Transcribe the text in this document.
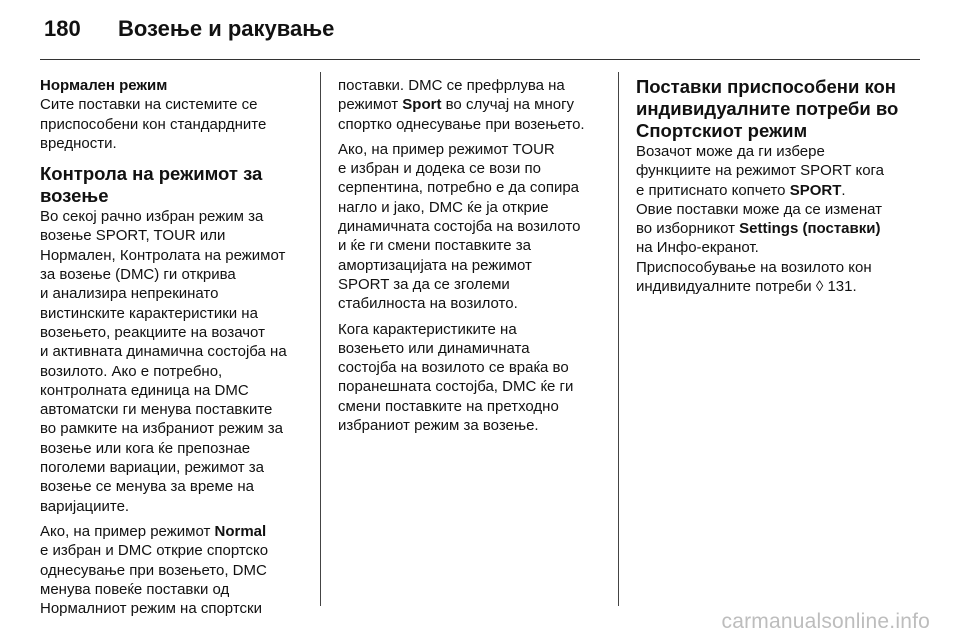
180 Возење и ракување
Нормален режим
Сите поставки на системите се
приспособени кон стандардните
вредности.
Контрола на режимот за
возење
Во секој рачно избран режим за
возење SPORT, TOUR или
Нормален, Контролата на режимот
за возење (DMC) ги открива
и анализира непрекинато
вистинските карактеристики на
возењето, реакциите на возачот
и активната динамична состојба на
возилото. Ако е потребно,
контролната единица на DMC
автоматски ги менува поставките
во рамките на избраниот режим за
возење или кога ќе препознае
поголеми вариации, режимот за
возење се менува за време на
варијациите.
Ако, на пример режимот Normal
е избран и DMC открие спортско
однесување при возењето, DMC
менува повеќе поставки од
Нормалниот режим на спортски
поставки. DMC се префрлува на
режимот Sport во случај на многу
спортко однесување при возењето.
Ако, на пример режимот TOUR
е избран и додека се вози по
серпентина, потребно е да сопира
нагло и јако, DMC ќе ја открие
динамичната состојба на возилото
и ќе ги смени поставките за
амортизацијата на режимот
SPORT за да се зголеми
стабилноста на возилото.
Кога карактеристиките на
возењето или динамичната
состојба на возилото се враќа во
поранешната состојба, DMC ќе ги
смени поставките на претходно
избраниот режим за возење.
Поставки приспособени кон
индивидуалните потреби во
Спортскиот режим
Возачот може да ги избере
функциите на режимот SPORT кога
е притиснато копчето SPORT.
Овие поставки може да се изменат
во изборникот Settings (поставки)
на Инфо-екранот.
Приспособување на возилото кон
индивидуалните потреби ◊ 131.
carmanualsonline.info
